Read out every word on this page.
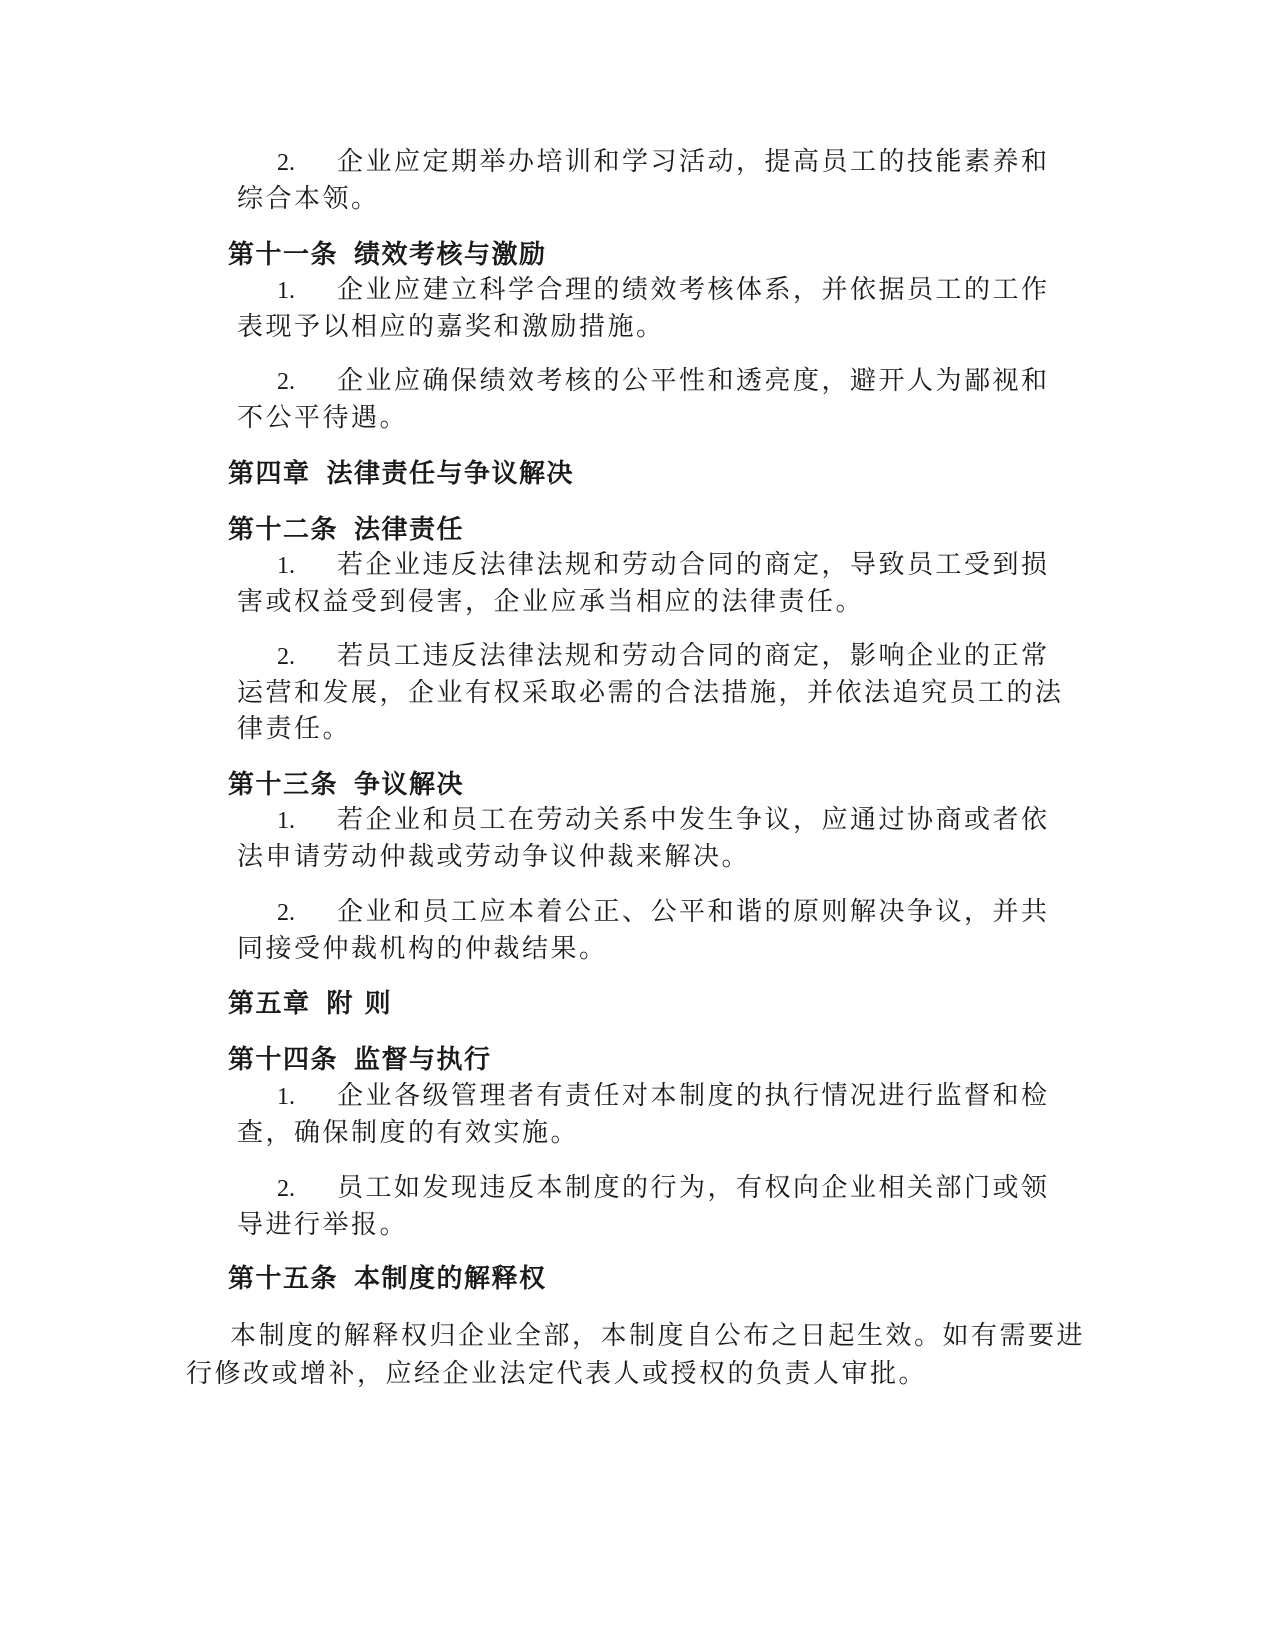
2. 企业应定期举办培训和学习活动，提高员工的技能素养和综合本领。

第十一条 绩效考核与激励

1. 企业应建立科学合理的绩效考核体系，并依据员工的工作表现予以相应的嘉奖和激励措施。

2. 企业应确保绩效考核的公平性和透亮度，避开人为鄙视和不公平待遇。

第四章 法律责任与争议解决

第十二条 法律责任

1. 若企业违反法律法规和劳动合同的商定，导致员工受到损害或权益受到侵害，企业应承当相应的法律责任。

2. 若员工违反法律法规和劳动合同的商定，影响企业的正常运营和发展，企业有权采取必需的合法措施，并依法追究员工的法律责任。

第十三条 争议解决

1. 若企业和员工在劳动关系中发生争议，应通过协商或者依法申请劳动仲裁或劳动争议仲裁来解决。

2. 企业和员工应本着公正、公平和谐的原则解决争议，并共同接受仲裁机构的仲裁结果。

第五章 附 则

第十四条 监督与执行

1. 企业各级管理者有责任对本制度的执行情况进行监督和检查，确保制度的有效实施。

2. 员工如发现违反本制度的行为，有权向企业相关部门或领导进行举报。

第十五条 本制度的解释权

本制度的解释权归企业全部，本制度自公布之日起生效。如有需要进行修改或增补，应经企业法定代表人或授权的负责人审批。
